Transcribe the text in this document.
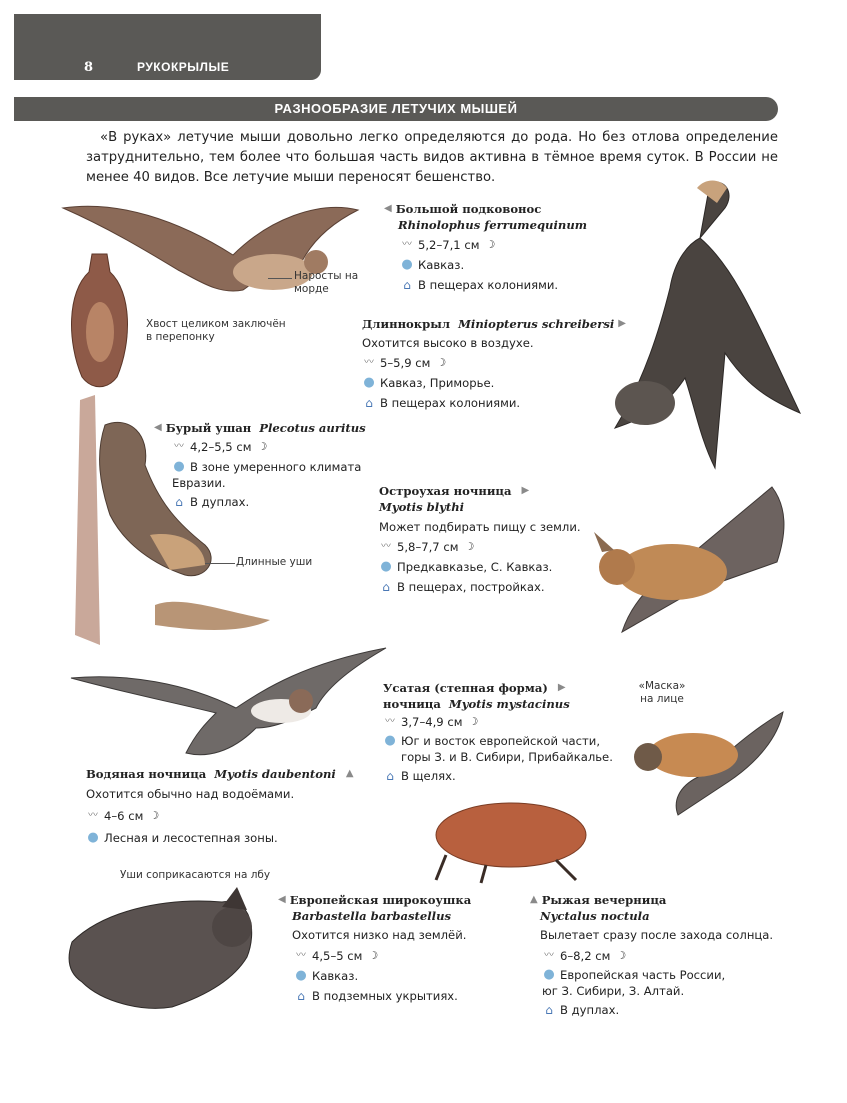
8	РУКОКРЫЛЫЕ
РАЗНООБРАЗИЕ ЛЕТУЧИХ МЫШЕЙ
«В руках» летучие мыши довольно легко определяются до рода. Но без отлова определение затруднительно, тем более что большая часть видов активна в тёмное время суток. В России не менее 40 видов. Все летучие мыши переносят бешенство.
Наросты на морде
Хвост целиком заключён в перепонку
Длинные уши
«Маска» на лице
Уши соприкасаются на лбу
◀ Большой подковонос
Rhinolophus ferrumequinum
〰 5,2–7,1 см ☽
● Кавказ.
⌂ В пещерах колониями.
Длиннокрыл Miniopterus schreibersi ▶
Охотится высоко в воздухе.
〰 5–5,9 см ☽
● Кавказ, Приморье.
⌂ В пещерах колониями.
◀ Бурый ушан Plecotus auritus
〰 4,2–5,5 см ☽
● В зоне умеренного климата
Евразии.
⌂ В дуплах.
Остроухая ночница ▶
Myotis blythi
Может подбирать пищу с земли.
〰 5,8–7,7 см ☽
● Предкавказье, С. Кавказ.
⌂ В пещерах, постройках.
Усатая (степная форма) ▶
ночница Myotis mystacinus
〰 3,7–4,9 см ☽
● Юг и восток европейской части,
горы З. и В. Сибири, Прибайкалье.
⌂ В щелях.
Водяная ночница Myotis daubentoni ▲
Охотится обычно над водоёмами.
〰 4–6 см ☽
● Лесная и лесостепная зоны.
◀ Европейская широкоушка
Barbastella barbastellus
Охотится низко над землёй.
〰 4,5–5 см ☽
● Кавказ.
⌂ В подземных укрытиях.
▲ Рыжая вечерница
Nyctalus noctula
Вылетает сразу после захода солнца.
〰 6–8,2 см ☽
● Европейская часть России,
юг З. Сибири, З. Алтай.
⌂ В дуплах.
